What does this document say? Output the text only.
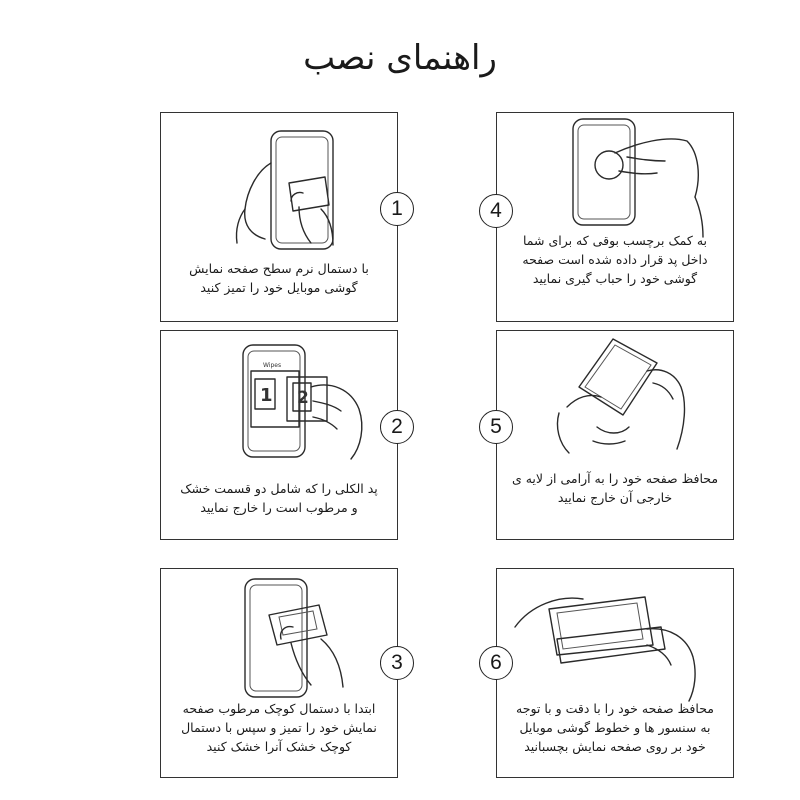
راهنمای نصب
با دستمال نرم سطح صفحه نمایش
گوشی موبایل خود را تمیز کنید
1
به کمک برچسب بوقی که برای شما
داخل پد قرار داده شده است صفحه
گوشی خود را حباب گیری نمایید
4
Wipes
1 2
پد الکلی را که شامل دو قسمت خشک
و مرطوب است را خارج نمایید
2
محافظ صفحه خود را به آرامی از لایه ی
خارجی آن خارج نمایید
5
ابتدا با دستمال کوچک مرطوب صفحه
نمایش خود را تمیز و سپس با دستمال
کوچک خشک آنرا خشک کنید
3
محافظ صفحه خود را با دقت و با توجه
به سنسور ها و خطوط گوشی موبایل
خود بر روی صفحه نمایش بچسبانید
6
